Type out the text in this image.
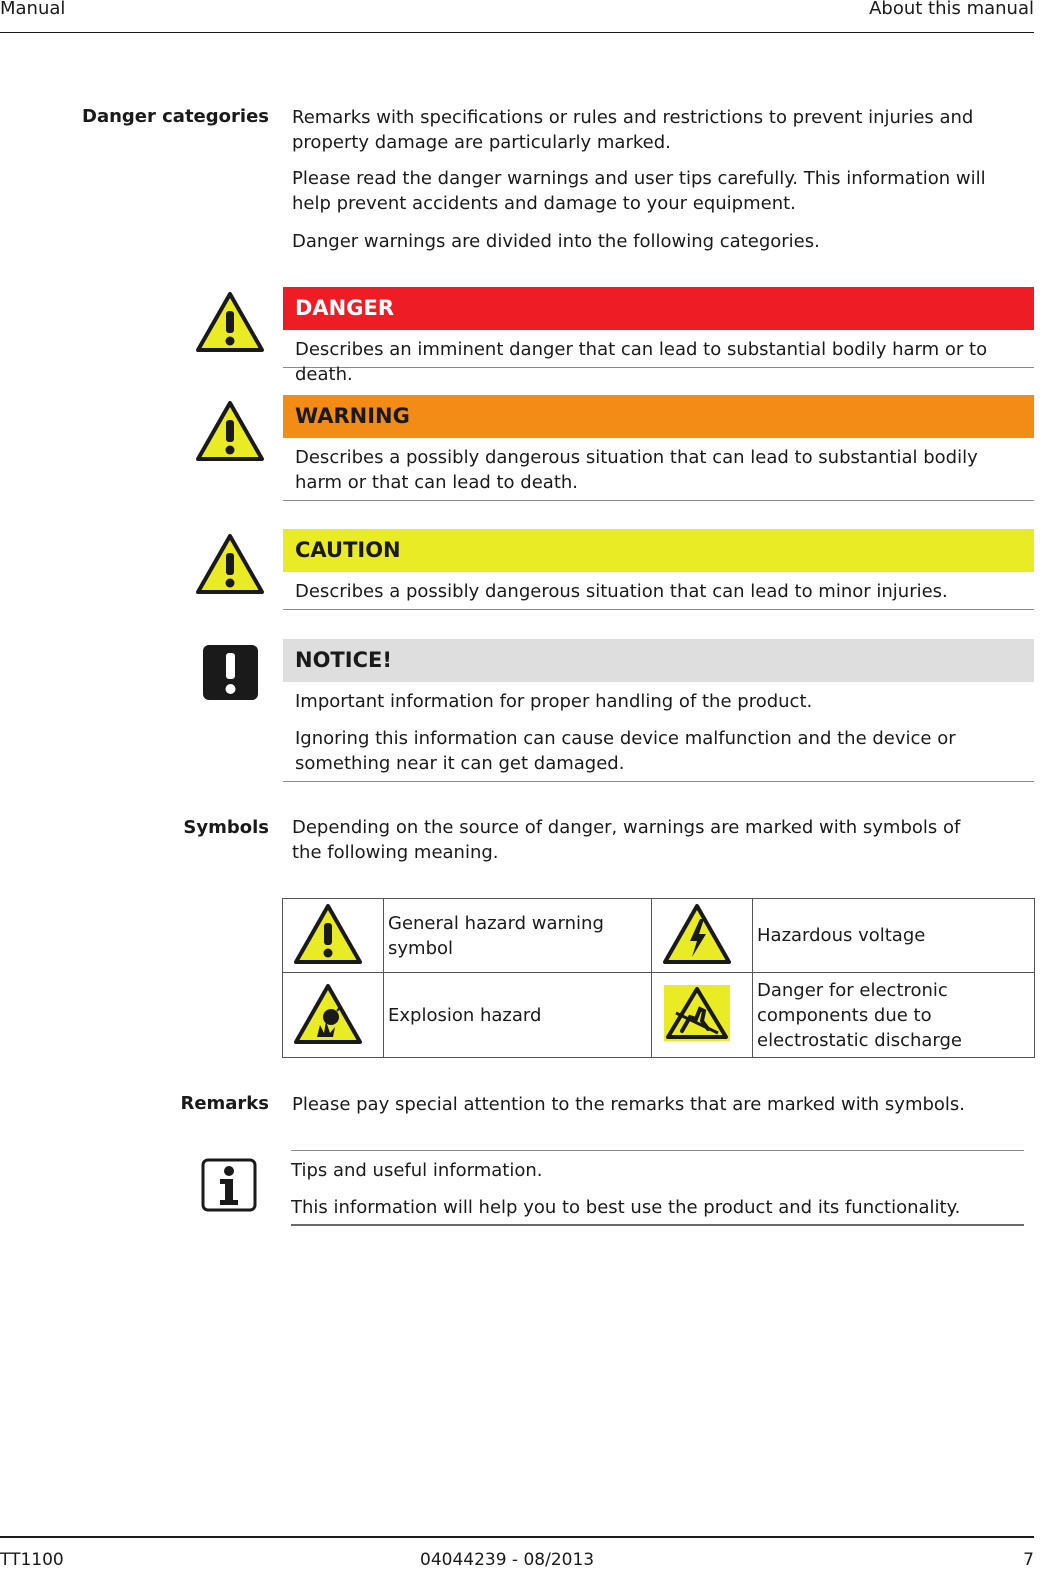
Manual	About this manual
Danger categories Remarks with specifications or rules and restrictions to prevent injuries and property damage are particularly marked.

Please read the danger warnings and user tips carefully. This information will help prevent accidents and damage to your equipment.

Danger warnings are divided into the following categories.

DANGER

Describes an imminent danger that can lead to substantial bodily harm or to death.

WARNING

Describes a possibly dangerous situation that can lead to substantial bodily harm or that can lead to death.

CAUTION

Describes a possibly dangerous situation that can lead to minor injuries.

NOTICE!

Important information for proper handling of the product.

Ignoring this information can cause device malfunction and the device or something near it can get damaged.

Symbols Depending on the source of danger, warnings are marked with symbols of the following meaning.

	General hazard warning symbol		Hazardous voltage
	Explosion hazard		Danger for electronic components due to electrostatic discharge
Remarks Please pay special attention to the remarks that are marked with symbols.

Tips and useful information.

This information will help you to best use the product and its functionality.

TT1100	04044239 - 08/2013	7
